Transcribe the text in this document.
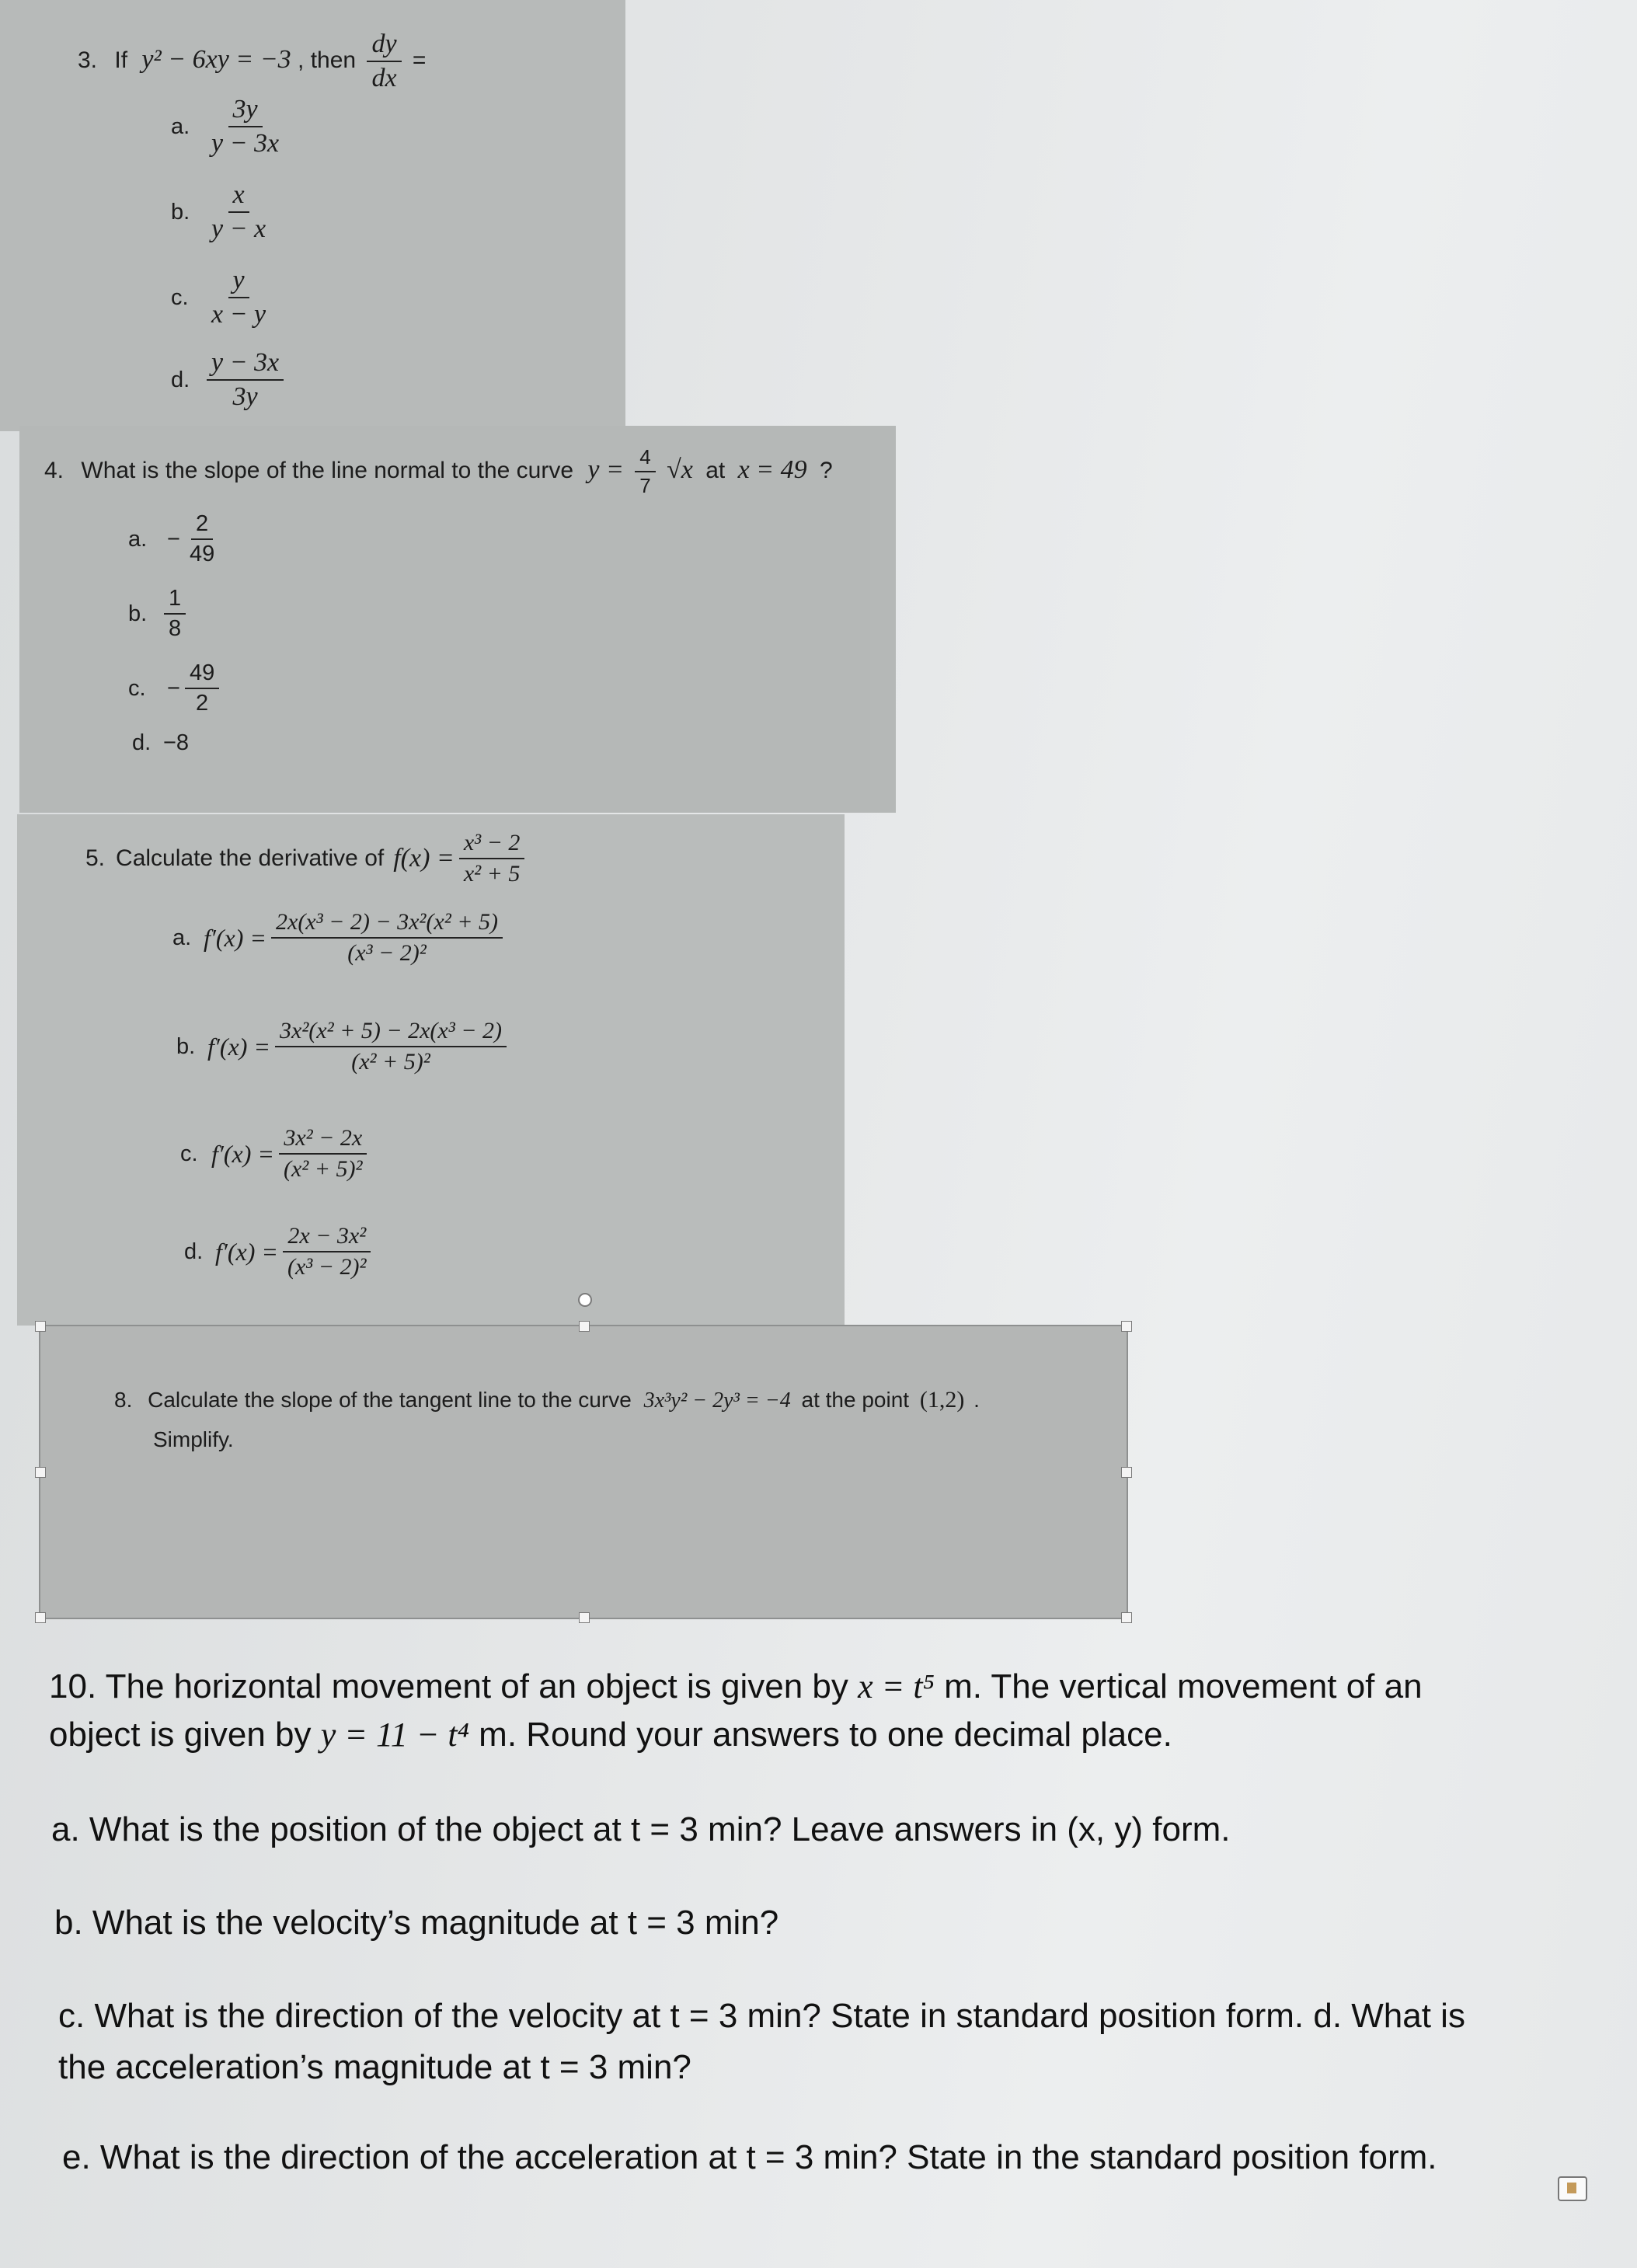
3. If y² − 6xy = −3 , then $\frac{dy}{dx}$ =
a. $\frac{3y}{y - 3x}$
b. $\frac{x}{y - x}$
c. $\frac{y}{x - y}$
d. $\frac{y - 3x}{3y}$
4. What is the slope of the line normal to the curve $y = \frac{4}{7} √x$ at x = 49 ?
a. − $\frac{2}{49}$
b. $\frac{1}{8}$
c. − $\frac{49}{2}$
d. −8
5. Calculate the derivative of $f(x) = \frac{\text{x³ − 2}}{\text{x² + 5}}$
a. $f'(x) = \frac{\text{2x(x³ − 2) − 3x²(x² + 5)}}{\text{(x³ − 2)²}}$
b. $f'(x) = \frac{\text{3x²(x² + 5) − 2x(x³ − 2)}}{\text{(x² + 5)²}}$
c. $f'(x) = \frac{\text{3x² − 2x}}{\text{(x² + 5)²}}$
d. $f'(x) = \frac{\text{2x − 3x²}}{\text{(x³ − 2)²}}$
8. Calculate the slope of the tangent line to the curve 3x³y² − 2y³ = −4 at the point (1,2) .
Simplify.
10. The horizontal movement of an object is given by x = t⁵ m. The vertical movement of an
object is given by y = 11 − t⁴ m. Round your answers to one decimal place.
a. What is the position of the object at t = 3 min? Leave answers in (x, y) form.
b. What is the velocity’s magnitude at t = 3 min?
c. What is the direction of the velocity at t = 3 min? State in standard position form. d. What is
the acceleration’s magnitude at t = 3 min?
e. What is the direction of the acceleration at t = 3 min? State in the standard position form.
